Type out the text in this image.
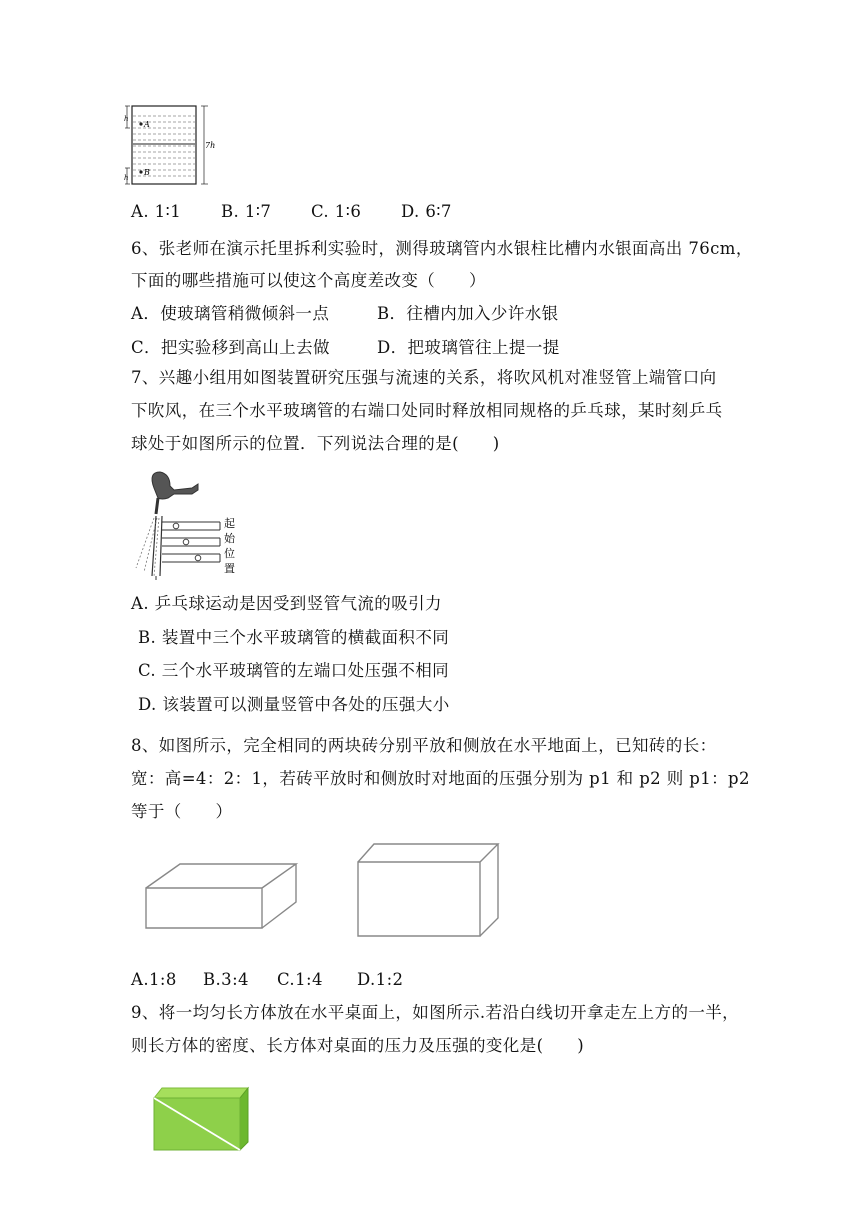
A
B
h
h
7h
A. 1∶1 B. 1∶7 C. 1∶6 D. 6∶7
6、张老师在演示托里拆利实验时，测得玻璃管内水银柱比槽内水银面高出 76cm，
下面的哪些措施可以使这个高度差改变（　　）
A．使玻璃管稍微倾斜一点	B．往槽内加入少许水银
C．把实验移到高山上去做	D．把玻璃管往上提一提
7、兴趣小组用如图装置研究压强与流速的关系，将吹风机对准竖管上端管口向
下吹风，在三个水平玻璃管的右端口处同时释放相同规格的乒乓球，某时刻乒乓
球处于如图所示的位置．下列说法合理的是(　　)
起
始
位
置
A. 乒乓球运动是因受到竖管气流的吸引力
B. 装置中三个水平玻璃管的横截面积不同
C. 三个水平玻璃管的左端口处压强不相同
D. 该装置可以测量竖管中各处的压强大小
8、如图所示，完全相同的两块砖分别平放和侧放在水平地面上，已知砖的长：
宽：高=4：2：1，若砖平放时和侧放时对地面的压强分别为 p1 和 p2 则 p1：p2
等于（　　）
A.1:8 B.3:4 C.1:4 D.1:2
9、将一均匀长方体放在水平桌面上，如图所示.若沿白线切开拿走左上方的一半，
则长方体的密度、长方体对桌面的压力及压强的变化是(　　)
